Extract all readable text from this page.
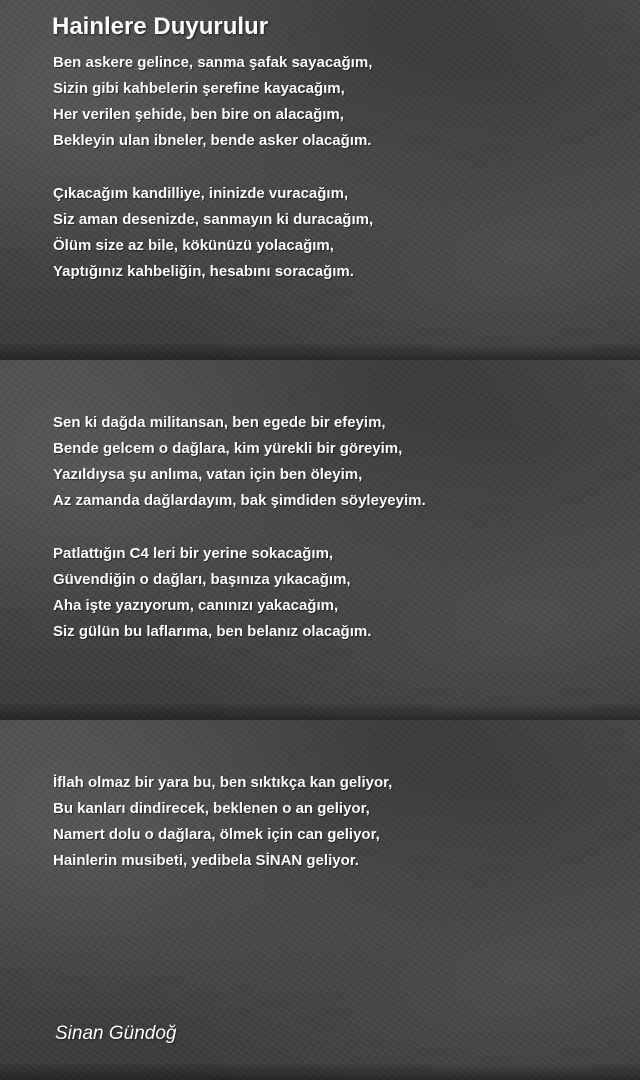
Hainlere Duyurulur
Ben askere gelince, sanma şafak sayacağım,
Sizin gibi kahbelerin şerefine kayacağım,
Her verilen şehide, ben bire on alacağım,
Bekleyin ulan ibneler, bende asker olacağım.
Çıkacağım kandilliye, ininizde vuracağım,
Siz aman desenizde, sanmayın ki duracağım,
Ölüm size az bile, kökünüzü yolacağım,
Yaptığınız kahbeliğin, hesabını soracağım.
Sen ki dağda militansan, ben egede bir efeyim,
Bende gelcem o dağlara, kim yürekli bir göreyim,
Yazıldıysa şu anlıma, vatan için ben öleyim,
Az zamanda dağlardayım, bak şimdiden söyleyeyim.
Patlattığın C4 leri bir yerine sokacağım,
Güvendiğin o dağları, başınıza yıkacağım,
Aha işte yazıyorum, canınızı yakacağım,
Siz gülün bu laflarıma, ben belanız olacağım.
İflah olmaz bir yara bu, ben sıktıkça kan geliyor,
Bu kanları dindirecek, beklenen o an geliyor,
Namert dolu o dağlara, ölmek için can geliyor,
Hainlerin musibeti, yedibela SİNAN geliyor.

Sinan Gündoğ
